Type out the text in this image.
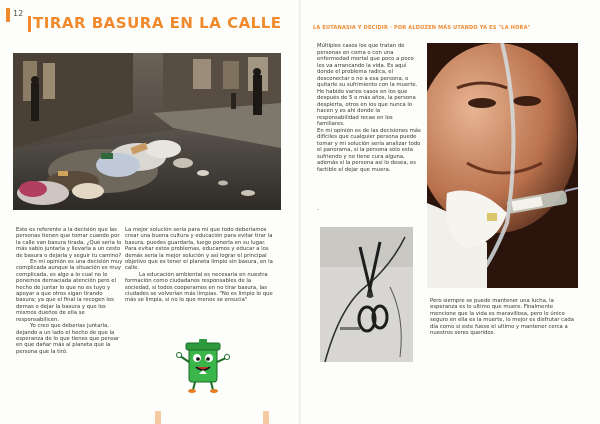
12
TIRAR BASURA EN LA CALLE

Esto es referente a la decisión que las personas tienen que tomar cuando por la calle van basura tirada, ¿Qué seria lo más sabio juntarla y llevarla a un cesto de basura o dejarla y seguir tu camino?

En mi opinión es una decisión muy complicada aunque la situación es muy complicada, es algo a lo cual no le ponemos demaciada atención pero el hecho de juntar lo que no es tuyo y apoyar a que otros sigan tirando basura; ya que el final la recogen los demas o dejar la basura y que los mismos dueños de ella se responsabilicen.

Yo creo que deberias juntarla, dejando a un lado el hecho de que la esperanza de lo que tienes que pensar en que dañar más al planeta que la persona que la tiró.

La mejor solución sería para mí que todo deberíamos crear una buena cultura y educación para evitar tirar la basura, puedes guardarla, luego ponerla en su lugar. Para evitar estos problemas, educamos y educar a los demás seria la mejor solución y así lograr el principal objetivo que es tener el planeta limpio sin basura, en la calle.

La educación ambiental es necesaria en nuestra formación como ciudadanos responsables de la sociedad, si todos cooperamos en no tirar basura, las ciudades se volverían más limpias. "No es limpio lo que más se limpia, si no lo que menos se ensucia"

LA EUTANASIA Y DECIDIR · POR ALDUZEN MÁS UTANDO YA ES "LA HORA"

Múltiples casos los que tratan de personas en coma o con una enfermedad mortal que poco a poco les va arrancando la vida. Es aquí donde el problema radica, el desconectar o no a esa persona, o quitarle su sufrimiento con la muerte. He habido varios casos en los que después de 5 o más años, la persona despierta, otros en los que nunca lo hacen y es ahí donde la responsabilidad recae en los familiares.

En mi opinión es de las decisiones más difíciles que cualquier persona puede tomar y mi solución sería analizar todo el panorama, si la persona sólo esta sufriendo y no tiene cura alguna, además si la persona así lo desea, es factible el dejar que muera.

.
Pero siempre se puede mantener una lucha, la esperanza es lo ultimo que muere. Finalmente mencione que la vida es maravillosa, pero lo único seguro en ella es la muerte, lo mejor es disfrutar cada día como si este fuese el ultimo y mantener cerca a nuestros seres queridos.
